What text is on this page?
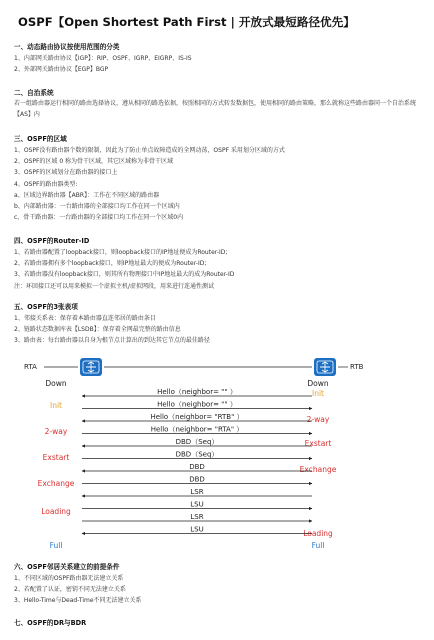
OSPF【Open Shortest Path First | 开放式最短路径优先】
一、动态路由协议按使用范围的分类
1、内部网关路由协议【IGP】：RIP、OSPF、IGRP、EIGRP、IS-IS
2、外部网关路由协议【EGP】BGP
二、自治系统
若一组路由器运行相同的路由选择协议，遵从相同的路选依据，按照相同的方式转发数据包，使用相同的路由策略，那么就称这些路由器同一个自治系统【AS】内
三、OSPF的区域
1、OSPF没有路由器个数的限制，因此为了防止单点故障造成的全网动荡，OSPF 采用划分区域的方式
2、OSPF的区域 0 称为骨干区域，其它区域称为非骨干区域
3、OSPF的区域划分在路由器的接口上
4、OSPF的路由器类型:
a、区域边界路由器【ABR】：工作在不同区域的路由器
b、内部路由器：一台路由器的全部接口均工作在同一个区域内
c、骨干路由器：一台路由器的全部接口均工作在同一个区域0内
四、OSPF的Router-ID
1、若路由器配置了loopback接口，则loopback接口的IP地址便成为Router-ID;
2、若路由器拥有多个loopback接口，则IP地址最大的便成为Router-ID;
3、若路由器没有loopback接口，则其所有物理接口中IP地址最大的成为Router-ID
注：环回接口还可以用来模拟一个虚拟主机/虚拟网段，用来进行连通性测试
五、OSPF的3张表项
1、邻接关系表：保存着本路由器直连邻居的路由条目
2、链路状态数据库表【LSDB】：保存着全网最完整的路由信息
3、路由表：每台路由器以自身为根节点计算出的到达其它节点的最佳路径
RTA	RTB
Down
Init
2-way
Exstart
Exchange
Loading
Full
Down
Init
2-way
Exstart
Exchange
Loading
Full
Hello（neighbor= "" ）
Hello（neighbor= "" ）
Hello（neighbor= "RTB" ）
Hello（neighbor= "RTA" ）
DBD（Seq）
DBD（Seq）
DBD
DBD
LSR
LSU
LSR
LSU
六、OSPF邻居关系建立的前提条件
1、不同区域的OSPF路由器无法建立关系
2、若配置了认证，密钥不同无法建立关系
3、Hello-Time与Dead-Time不同无法建立关系
七、OSPF的DR与BDR
